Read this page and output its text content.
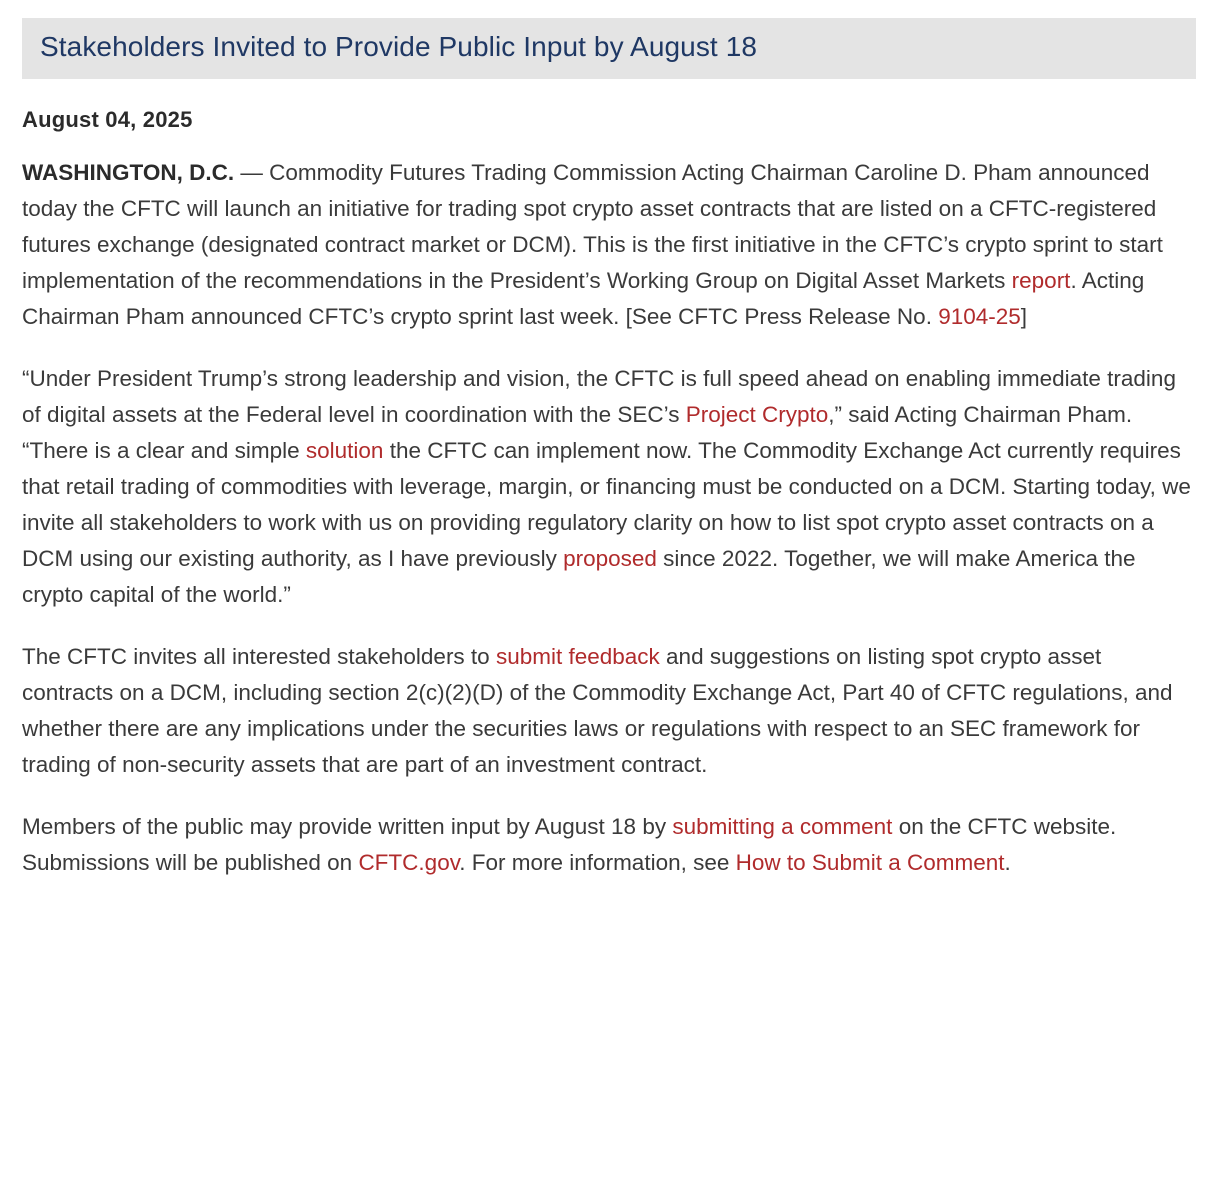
Stakeholders Invited to Provide Public Input by August 18
August 04, 2025

WASHINGTON, D.C. — Commodity Futures Trading Commission Acting Chairman Caroline D. Pham announced today the CFTC will launch an initiative for trading spot crypto asset contracts that are listed on a CFTC-registered futures exchange (designated contract market or DCM). This is the first initiative in the CFTC’s crypto sprint to start implementation of the recommendations in the President’s Working Group on Digital Asset Markets report. Acting Chairman Pham announced CFTC’s crypto sprint last week. [See CFTC Press Release No. 9104-25]

“Under President Trump’s strong leadership and vision, the CFTC is full speed ahead on enabling immediate trading of digital assets at the Federal level in coordination with the SEC’s Project Crypto,” said Acting Chairman Pham. “There is a clear and simple solution the CFTC can implement now. The Commodity Exchange Act currently requires that retail trading of commodities with leverage, margin, or financing must be conducted on a DCM. Starting today, we invite all stakeholders to work with us on providing regulatory clarity on how to list spot crypto asset contracts on a DCM using our existing authority, as I have previously proposed since 2022. Together, we will make America the crypto capital of the world.”

The CFTC invites all interested stakeholders to submit feedback and suggestions on listing spot crypto asset contracts on a DCM, including section 2(c)(2)(D) of the Commodity Exchange Act, Part 40 of CFTC regulations, and whether there are any implications under the securities laws or regulations with respect to an SEC framework for trading of non-security assets that are part of an investment contract.

Members of the public may provide written input by August 18 by submitting a comment on the CFTC website. Submissions will be published on CFTC.gov. For more information, see How to Submit a Comment.
